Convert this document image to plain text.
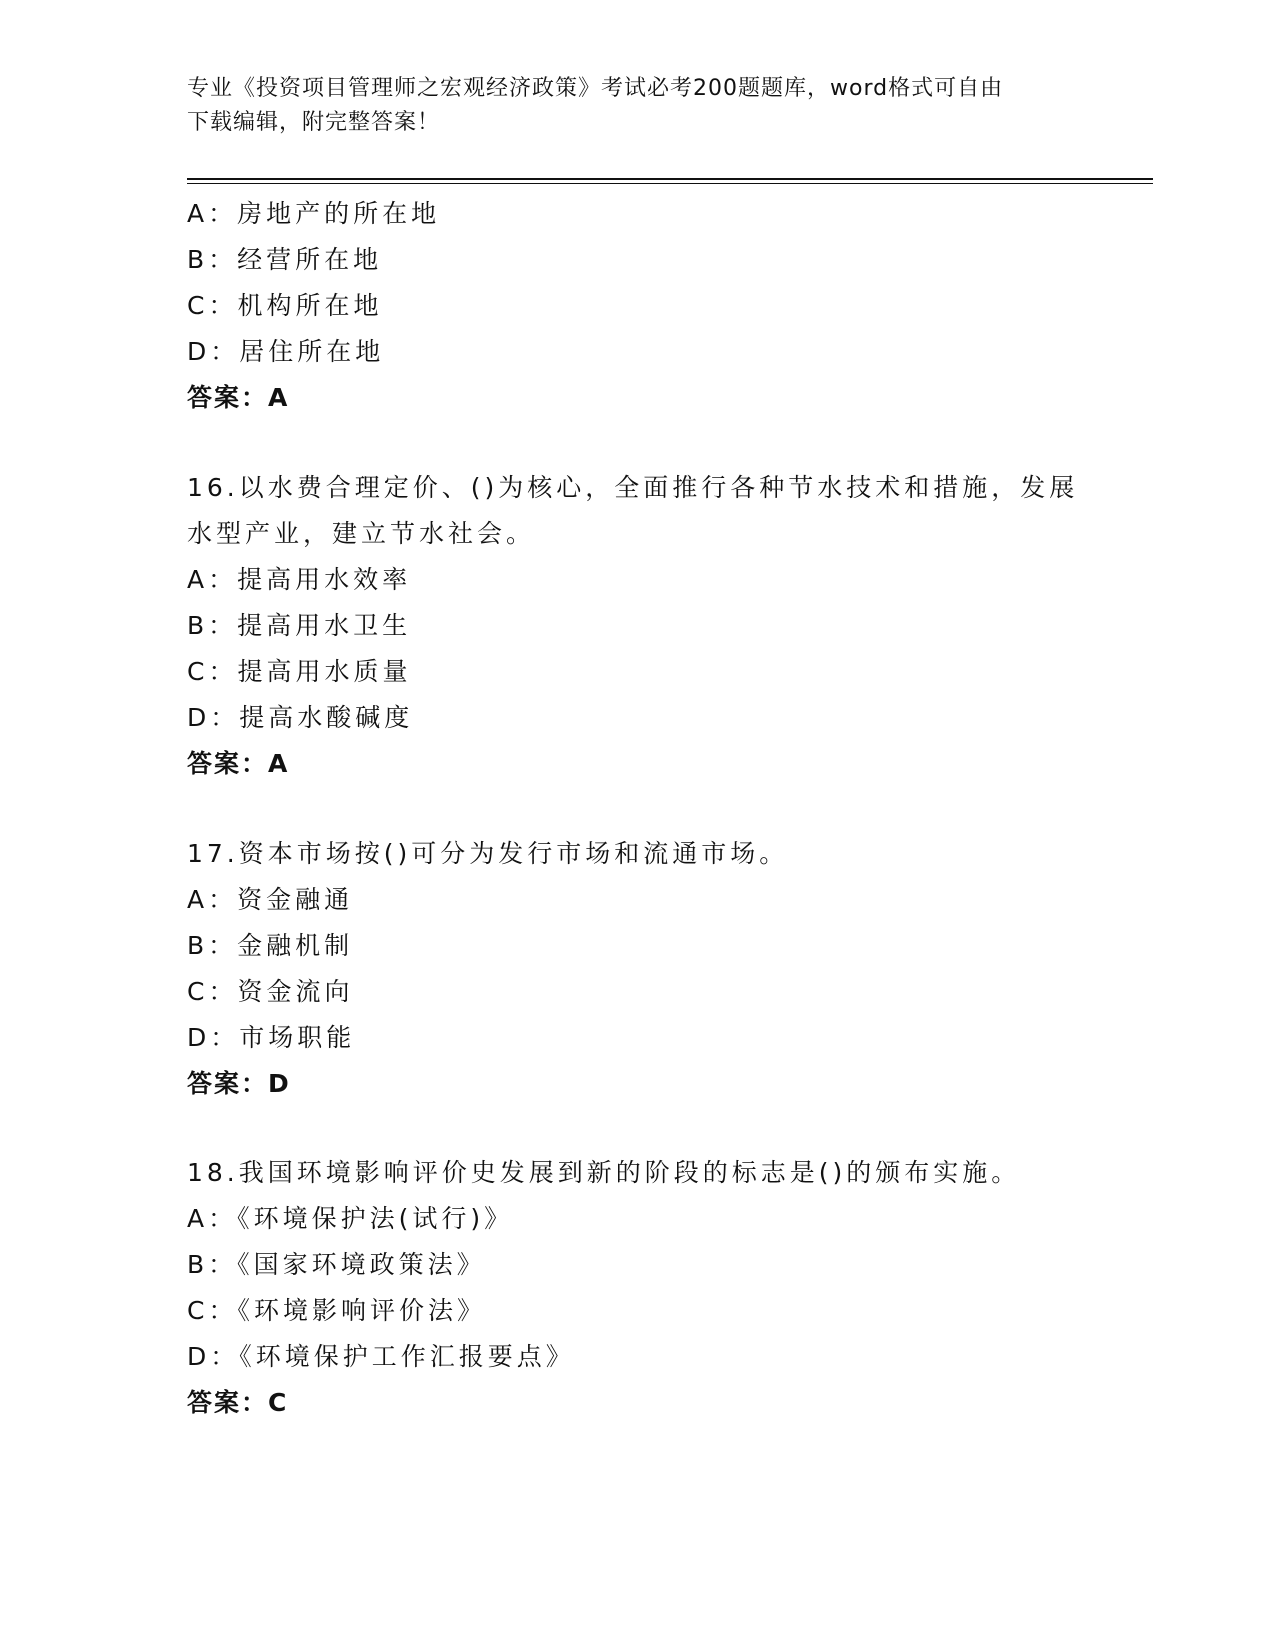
专业《投资项目管理师之宏观经济政策》考试必考200题题库，word格式可自由
下载编辑，附完整答案！
A：房地产的所在地
B：经营所在地
C：机构所在地
D：居住所在地
答案：A
16.以水费合理定价、()为核心，全面推行各种节水技术和措施，发展
水型产业，建立节水社会。
A：提高用水效率
B：提高用水卫生
C：提高用水质量
D：提高水酸碱度
答案：A
17.资本市场按()可分为发行市场和流通市场。
A：资金融通
B：金融机制
C：资金流向
D：市场职能
答案：D
18.我国环境影响评价史发展到新的阶段的标志是()的颁布实施。
A：《环境保护法(试行)》
B：《国家环境政策法》
C：《环境影响评价法》
D：《环境保护工作汇报要点》
答案：C
